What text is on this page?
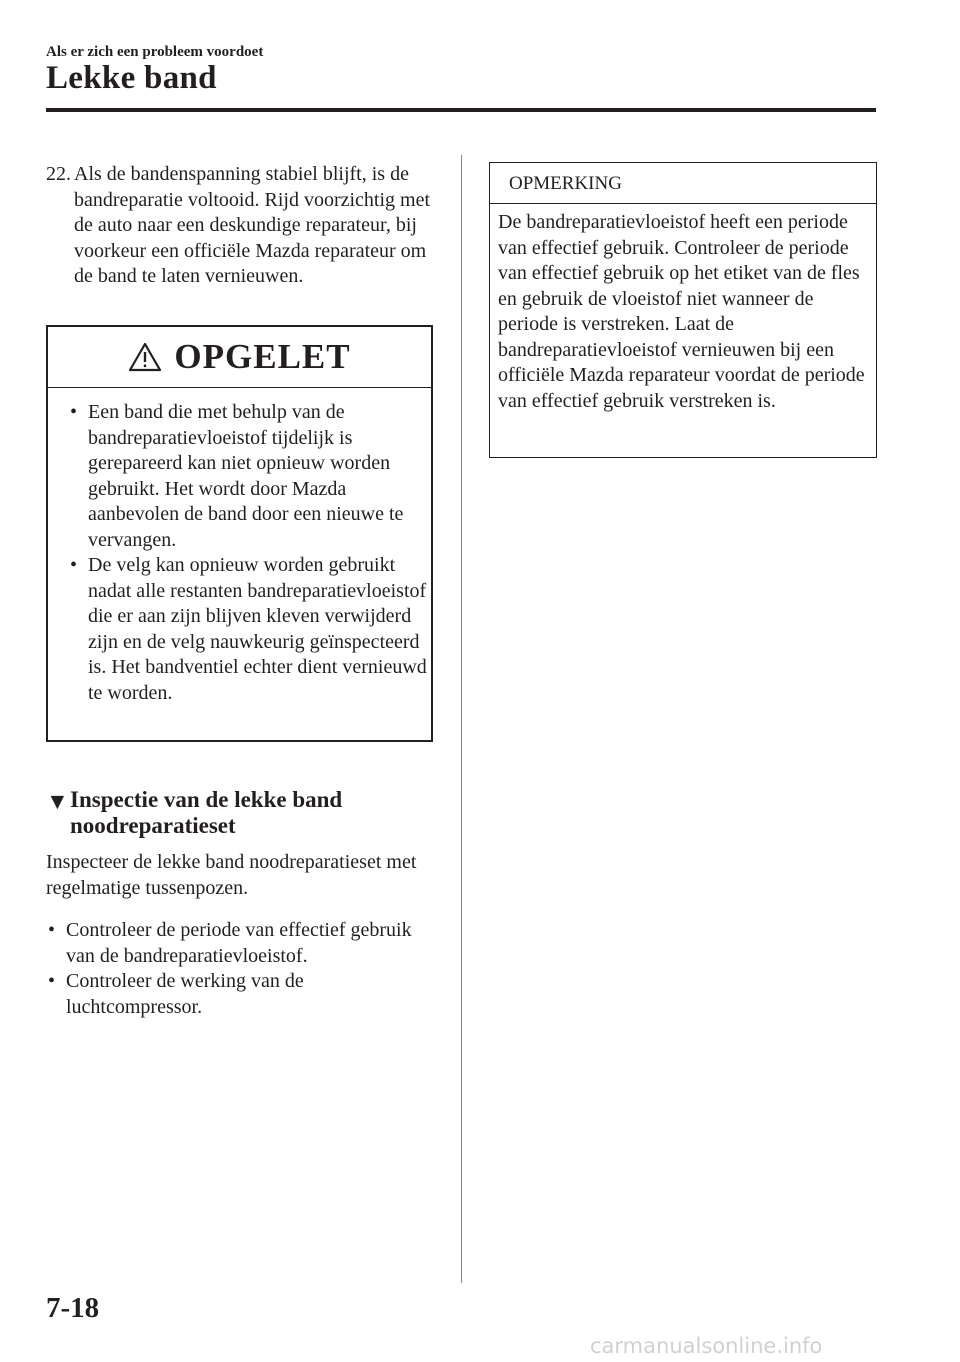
Als er zich een probleem voordoet
Lekke band
22. Als de bandenspanning stabiel blijft, is de bandreparatie voltooid. Rijd voorzichtig met de auto naar een deskundige reparateur, bij voorkeur een officiële Mazda reparateur om de band te laten vernieuwen.
OPGELET

• Een band die met behulp van de bandreparatievloeistof tijdelijk is gerepareerd kan niet opnieuw worden gebruikt. Het wordt door Mazda aanbevolen de band door een nieuwe te vervangen.

• De velg kan opnieuw worden gebruikt nadat alle restanten bandreparatievloeistof die er aan zijn blijven kleven verwijderd zijn en de velg nauwkeurig geïnspecteerd is. Het bandventiel echter dient vernieuwd te worden.

▼ Inspectie van de lekke band noodreparatieset
Inspecteer de lekke band noodreparatieset met regelmatige tussenpozen.

• Controleer de periode van effectief gebruik van de bandreparatievloeistof.

• Controleer de werking van de luchtcompressor.

OPMERKING
De bandreparatievloeistof heeft een periode van effectief gebruik. Controleer de periode van effectief gebruik op het etiket van de fles en gebruik de vloeistof niet wanneer de periode is verstreken. Laat de bandreparatievloeistof vernieuwen bij een officiële Mazda reparateur voordat de periode van effectief gebruik verstreken is.
7-18
carmanualsonline.info
